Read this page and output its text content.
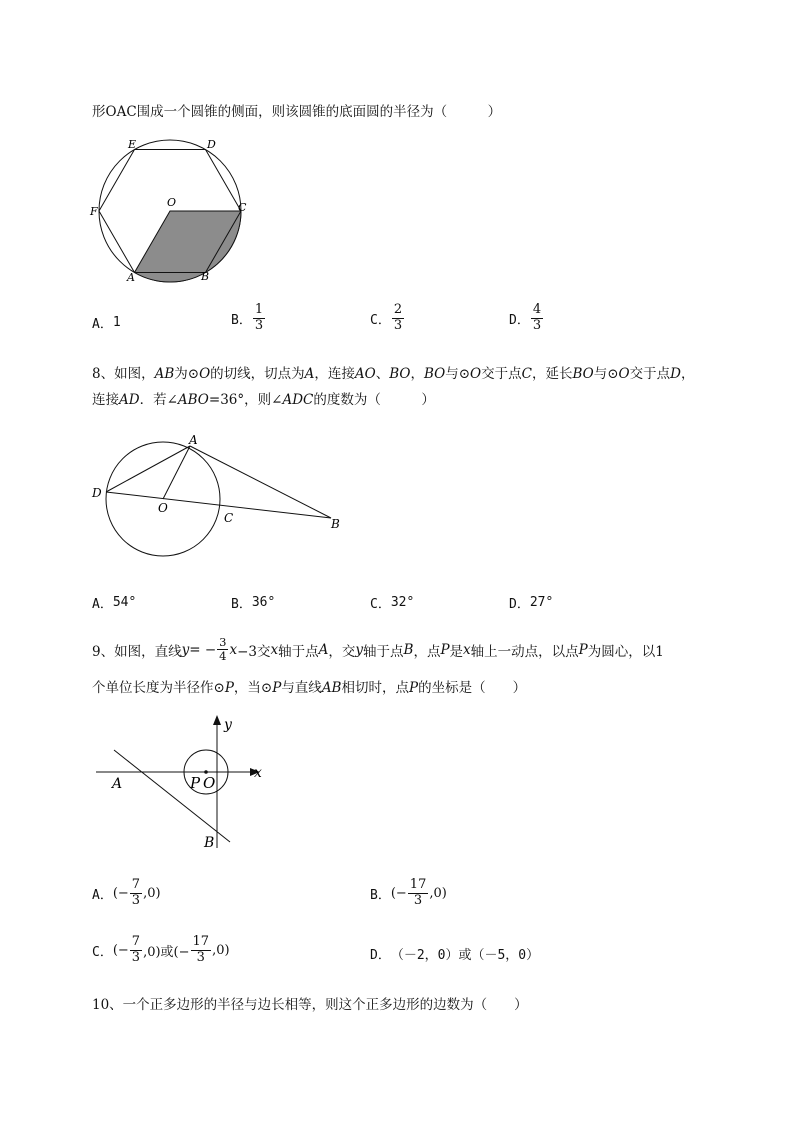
形OAC围成一个圆锥的侧面，则该圆锥的底面圆的半径为（　　　）
E	D
F
O	C
A	B
A． 1	B． $\frac{1}{3}$	C． $\frac{2}{3}$	D． $\frac{4}{3}$
8、如图，AB为⊙O的切线，切点为A，连接AO、BO，BO与⊙O交于点C，延长BO与⊙O交于点D，
连接AD．若∠ABO=36°，则∠ADC的度数为（　　　）
A
D
O
C	B
A． 54°	B． 36°	C． 32°	D． 27°
9、如图，直线 y = − $\frac{3}{4}$ x −3交 x 轴于点 A ，交 y 轴于点 B ，点 P 是 x 轴上一动点，以点 P 为圆心，以1
个单位长度为半径作⊙P，当⊙P与直线AB相切时，点P的坐标是（　　）
y
x
A	P O
B
A． (− $\frac{7}{3} ,0$)	B． (− $\frac{17}{3} ,0$)
C． (− $\frac{7}{3} ,0$)或(− $\frac{17}{3} ,0$)	D． （－2，0）或（－5，0）
10、一个正多边形的半径与边长相等，则这个正多边形的边数为（　　）
